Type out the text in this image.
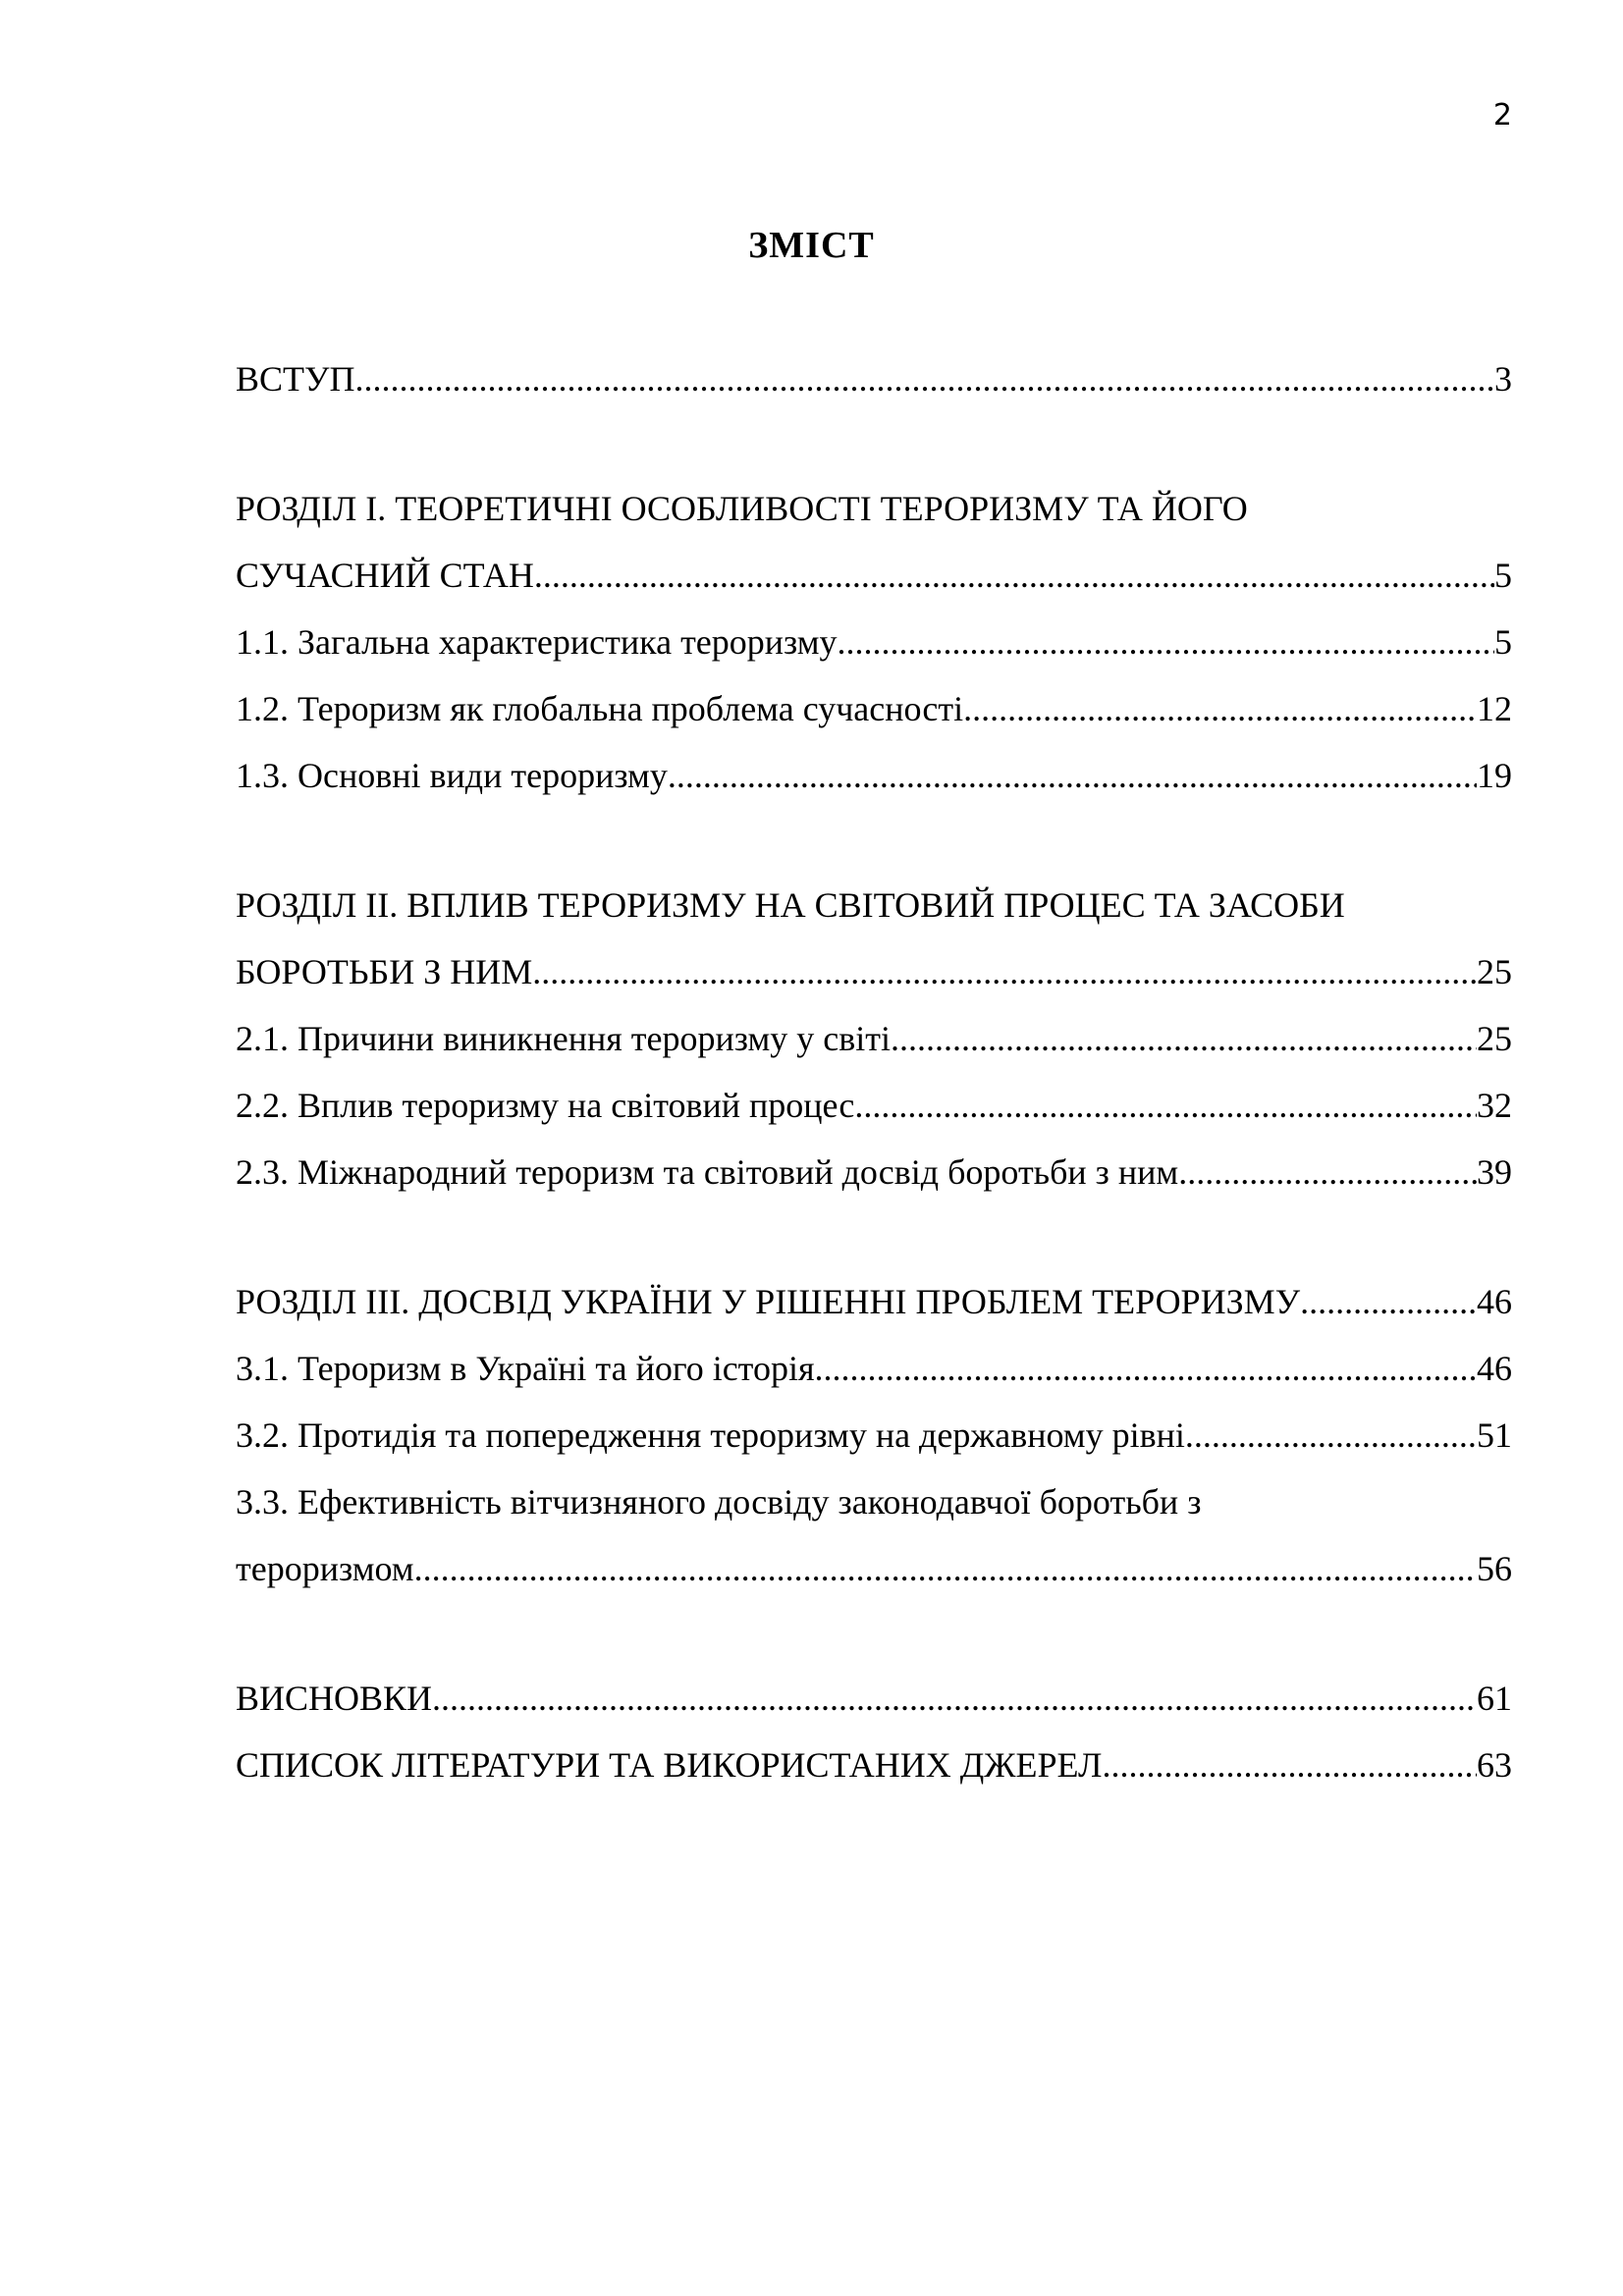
2
ЗМІСТ
ВСТУП .....	3
РОЗДІЛ І. ТЕОРЕТИЧНІ ОСОБЛИВОСТІ ТЕРОРИЗМУ ТА ЙОГО
СУЧАСНИЙ СТАН .....	5
1.1. Загальна характеристика тероризму .....	5
1.2. Тероризм як глобальна проблема сучасності .....	12
1.3. Основні види тероризму .....	19
РОЗДІЛ ІІ. ВПЛИВ ТЕРОРИЗМУ НА СВІТОВИЙ ПРОЦЕС ТА ЗАСОБИ
БОРОТЬБИ З НИМ .....	25
2.1. Причини виникнення тероризму у світі .....	25
2.2. Вплив тероризму на світовий процес .....	32
2.3. Міжнародний тероризм та світовий досвід боротьби з ним .....	39
РОЗДІЛ ІІІ. ДОСВІД УКРАЇНИ У РІШЕННІ ПРОБЛЕМ ТЕРОРИЗМУ .....	46
3.1. Тероризм в Україні та його історія .....	46
3.2. Протидія та попередження тероризму на державному рівні .....	51
3.3. Ефективність вітчизняного досвіду законодавчої боротьби з
тероризмом .....	56
ВИСНОВКИ .....	61
СПИСОК ЛІТЕРАТУРИ ТА ВИКОРИСТАНИХ ДЖЕРЕЛ .....	63
